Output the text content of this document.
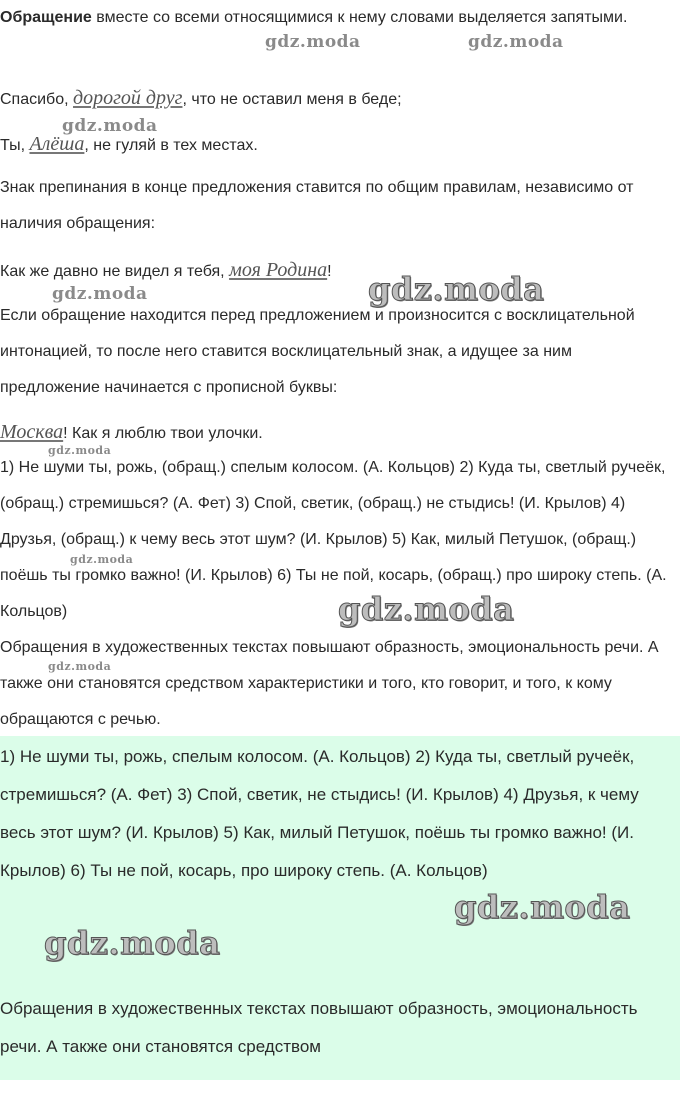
Обращение вместе со всеми относящимися к нему словами выделяется запятыми.

Спасибо, дорогой друг, что не оставил меня в беде;

Ты, Алёша, не гуляй в тех местах.

Знак препинания в конце предложения ставится по общим правилам, независимо от наличия обращения:

Как же давно не видел я тебя, моя Родина!

Если обращение находится перед предложением и произносится с восклицательной интонацией, то после него ставится восклицательный знак, а идущее за ним предложение начинается с прописной буквы:

Москва! Как я люблю твои улочки.

1) Не шуми ты, рожь, (обращ.) спелым колосом. (А. Кольцов) 2) Куда ты, светлый ручеёк, (обращ.) стремишься? (А. Фет) 3) Спой, светик, (обращ.) не стыдись! (И. Крылов) 4) Друзья, (обращ.) к чему весь этот шум? (И. Крылов) 5) Как, милый Петушок, (обращ.) поёшь ты громко важно! (И. Крылов) 6) Ты не пой, косарь, (обращ.) про широку степь. (А. Кольцов)

Обращения в художественных текстах повышают образность, эмоциональность речи. А также они становятся средством характеристики и того, кто говорит, и того, к кому обращаются с речью.

1) Не шуми ты, рожь, спелым колосом. (А. Кольцов) 2) Куда ты, светлый ручеёк, стремишься? (А. Фет) 3) Спой, светик, не стыдись! (И. Крылов) 4) Друзья, к чему весь этот шум? (И. Крылов) 5) Как, милый Петушок, поёшь ты громко важно! (И. Крылов) 6) Ты не пой, косарь, про широку степь. (А. Кольцов)

Обращения в художественных текстах повышают образность, эмоциональность речи. А также они становятся средством

gdz.moda	gdz.moda
gdz.moda
gdz.moda	gdz.moda
gdz.moda
gdz.moda
gdz.moda
gdz.moda
gdz.moda
gdz.moda
